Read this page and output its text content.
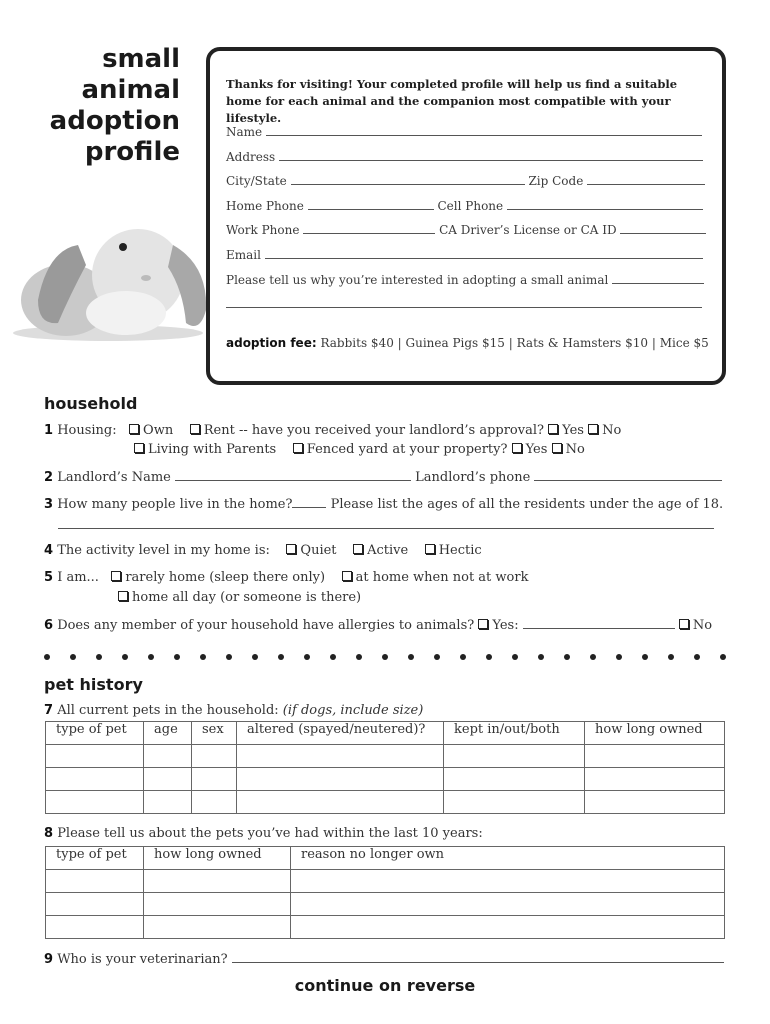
small
animal
adoption
profile
Thanks for visiting! Your completed profile will help us find a suitable home for each animal and the companion most compatible with your lifestyle.
Name
Address
City/State	Zip Code
Home Phone	Cell Phone
Work Phone	CA Driver’s License or CA ID
Email
Please tell us why you’re interested in adopting a small animal
adoption fee: Rabbits $40 | Guinea Pigs $15 | Rats & Hamsters $10 | Mice $5
household
1 Housing: Own Rent -- have you received your landlord’s approval? Yes No
Living with Parents Fenced yard at your property? Yes No
2 Landlord’s Name	Landlord’s phone
3 How many people live in the home?	Please list the ages of all the residents under the age of 18.
4 The activity level in my home is: Quiet Active Hectic
5 I am... rarely home (sleep there only) at home when not at work
home all day (or someone is there)
6 Does any member of your household have allergies to animals? Yes:	No
pet history
7 All current pets in the household: (if dogs, include size)
type of pet	age	sex	altered (spayed/neutered)?	kept in/out/both	how long owned

8 Please tell us about the pets you’ve had within the last 10 years:
type of pet	how long owned	reason no longer own

9 Who is your veterinarian?
continue on reverse
